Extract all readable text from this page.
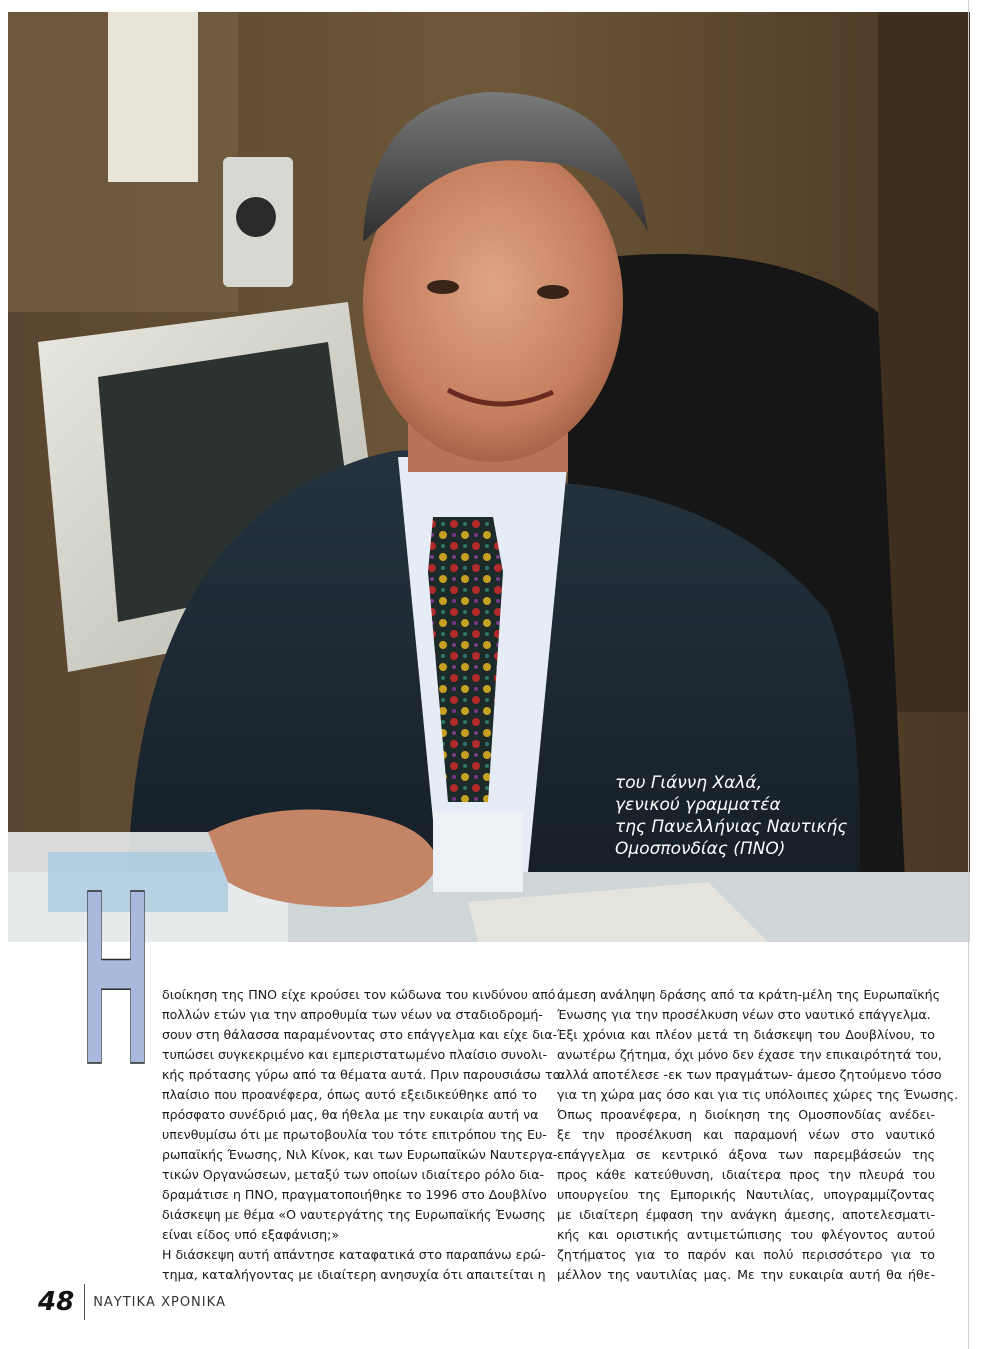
του Γιάννη Χαλά,
γενικού γραμματέα
της Πανελλήνιας Ναυτικής
Ομοσπονδίας (ΠΝΟ)
Η διοίκηση της ΠΝΟ είχε κρούσει τον κώδωνα του κινδύνου από
πολλών ετών για την απροθυμία των νέων να σταδιοδρομή-
σουν στη θάλασσα παραμένοντας στο επάγγελμα και είχε δια-
τυπώσει συγκεκριμένο και εμπεριστατωμένο πλαίσιο συνολι-
κής πρότασης γύρω από τα θέματα αυτά. Πριν παρουσιάσω το
πλαίσιο που προανέφερα, όπως αυτό εξειδικεύθηκε από το
πρόσφατο συνέδριό μας, θα ήθελα με την ευκαιρία αυτή να
υπενθυμίσω ότι με πρωτοβουλία του τότε επιτρόπου της Ευ-
ρωπαϊκής Ένωσης, Νιλ Κίνοκ, και των Ευρωπαϊκών Ναυτεργα-
τικών Οργανώσεων, μεταξύ των οποίων ιδιαίτερο ρόλο δια-
δραμάτισε η ΠΝΟ, πραγματοποιήθηκε το 1996 στο Δουβλίνο
διάσκεψη με θέμα «Ο ναυτεργάτης της Ευρωπαϊκής Ένωσης
είναι είδος υπό εξαφάνιση;»
Η διάσκεψη αυτή απάντησε καταφατικά στο παραπάνω ερώ-
τημα, καταλήγοντας με ιδιαίτερη ανησυχία ότι απαιτείται η
άμεση ανάληψη δράσης από τα κράτη-μέλη της Ευρωπαϊκής
Ένωσης για την προσέλκυση νέων στο ναυτικό επάγγελμα.
Έξι χρόνια και πλέον μετά τη διάσκεψη του Δουβλίνου, το
ανωτέρω ζήτημα, όχι μόνο δεν έχασε την επικαιρότητά του,
αλλά αποτέλεσε -εκ των πραγμάτων- άμεσο ζητούμενο τόσο
για τη χώρα μας όσο και για τις υπόλοιπες χώρες της Ένωσης.
Όπως προανέφερα, η διοίκηση της Ομοσπονδίας ανέδει-
ξε την προσέλκυση και παραμονή νέων στο ναυτικό
επάγγελμα σε κεντρικό άξονα των παρεμβάσεών της
προς κάθε κατεύθυνση, ιδιαίτερα προς την πλευρά του
υπουργείου της Εμπορικής Ναυτιλίας, υπογραμμίζοντας
με ιδιαίτερη έμφαση την ανάγκη άμεσης, αποτελεσματι-
κής και οριστικής αντιμετώπισης του φλέγοντος αυτού
ζητήματος για το παρόν και πολύ περισσότερο για το
μέλλον της ναυτιλίας μας. Με την ευκαιρία αυτή θα ήθε-
48 ΝΑΥΤΙΚΑ ΧΡΟΝΙΚΑ
